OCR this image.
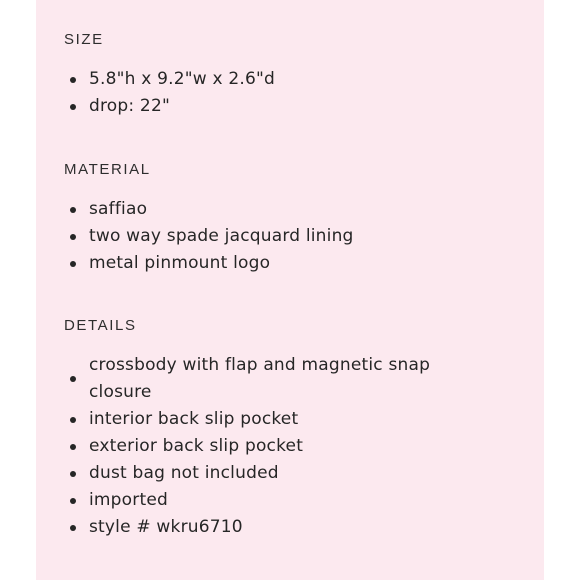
SIZE
5.8"h x 9.2"w x 2.6"d
drop: 22"
MATERIAL
saffiao
two way spade jacquard lining
metal pinmount logo
DETAILS
crossbody with flap and magnetic snap closure
interior back slip pocket
exterior back slip pocket
dust bag not included
imported
style # wkru6710
